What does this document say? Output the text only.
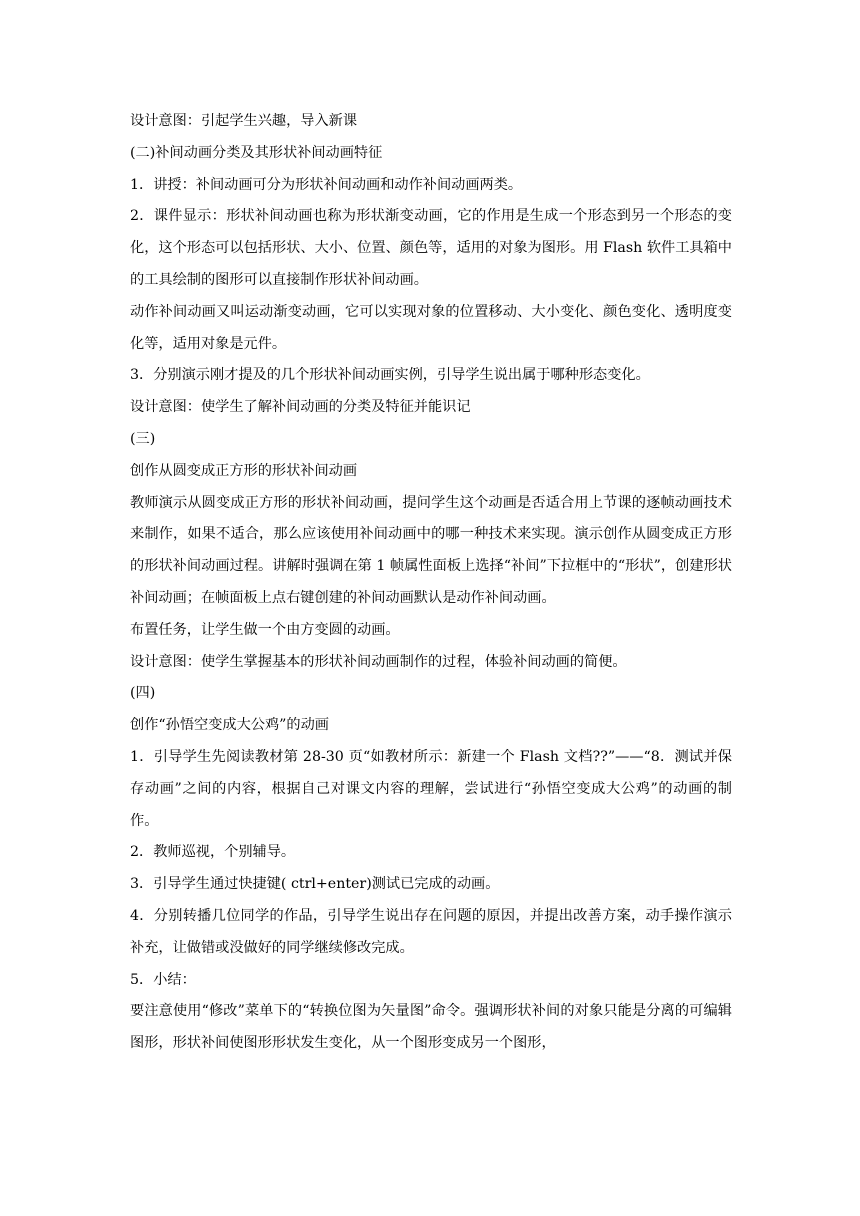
设计意图：引起学生兴趣，导入新课

(二)补间动画分类及其形状补间动画特征

1．讲授：补间动画可分为形状补间动画和动作补间动画两类。

2．课件显示：形状补间动画也称为形状渐变动画，它的作用是生成一个形态到另一个形态的变化，这个形态可以包括形状、大小、位置、颜色等，适用的对象为图形。用 Flash 软件工具箱中的工具绘制的图形可以直接制作形状补间动画。

动作补间动画又叫运动渐变动画，它可以实现对象的位置移动、大小变化、颜色变化、透明度变化等，适用对象是元件。

3．分别演示刚才提及的几个形状补间动画实例，引导学生说出属于哪种形态变化。

设计意图：使学生了解补间动画的分类及特征并能识记

(三)

创作从圆变成正方形的形状补间动画

教师演示从圆变成正方形的形状补间动画，提问学生这个动画是否适合用上节课的逐帧动画技术来制作，如果不适合，那么应该使用补间动画中的哪一种技术来实现。演示创作从圆变成正方形的形状补间动画过程。讲解时强调在第 1 帧属性面板上选择“补间”下拉框中的“形状”，创建形状补间动画；在帧面板上点右键创建的补间动画默认是动作补间动画。

布置任务，让学生做一个由方变圆的动画。

设计意图：使学生掌握基本的形状补间动画制作的过程，体验补间动画的简便。

(四)

创作“孙悟空变成大公鸡”的动画

1．引导学生先阅读教材第 28-30 页“如教材所示：新建一个 Flash 文档??”——“8．测试并保存动画”之间的内容，根据自己对课文内容的理解，尝试进行“孙悟空变成大公鸡”的动画的制作。

2．教师巡视，个别辅导。

3．引导学生通过快捷键( ctrl+enter)测试已完成的动画。

4．分别转播几位同学的作品，引导学生说出存在问题的原因，并提出改善方案，动手操作演示补充，让做错或没做好的同学继续修改完成。

5．小结：

要注意使用“修改”菜单下的“转换位图为矢量图”命令。强调形状补间的对象只能是分离的可编辑图形，形状补间使图形形状发生变化，从一个图形变成另一个图形，
